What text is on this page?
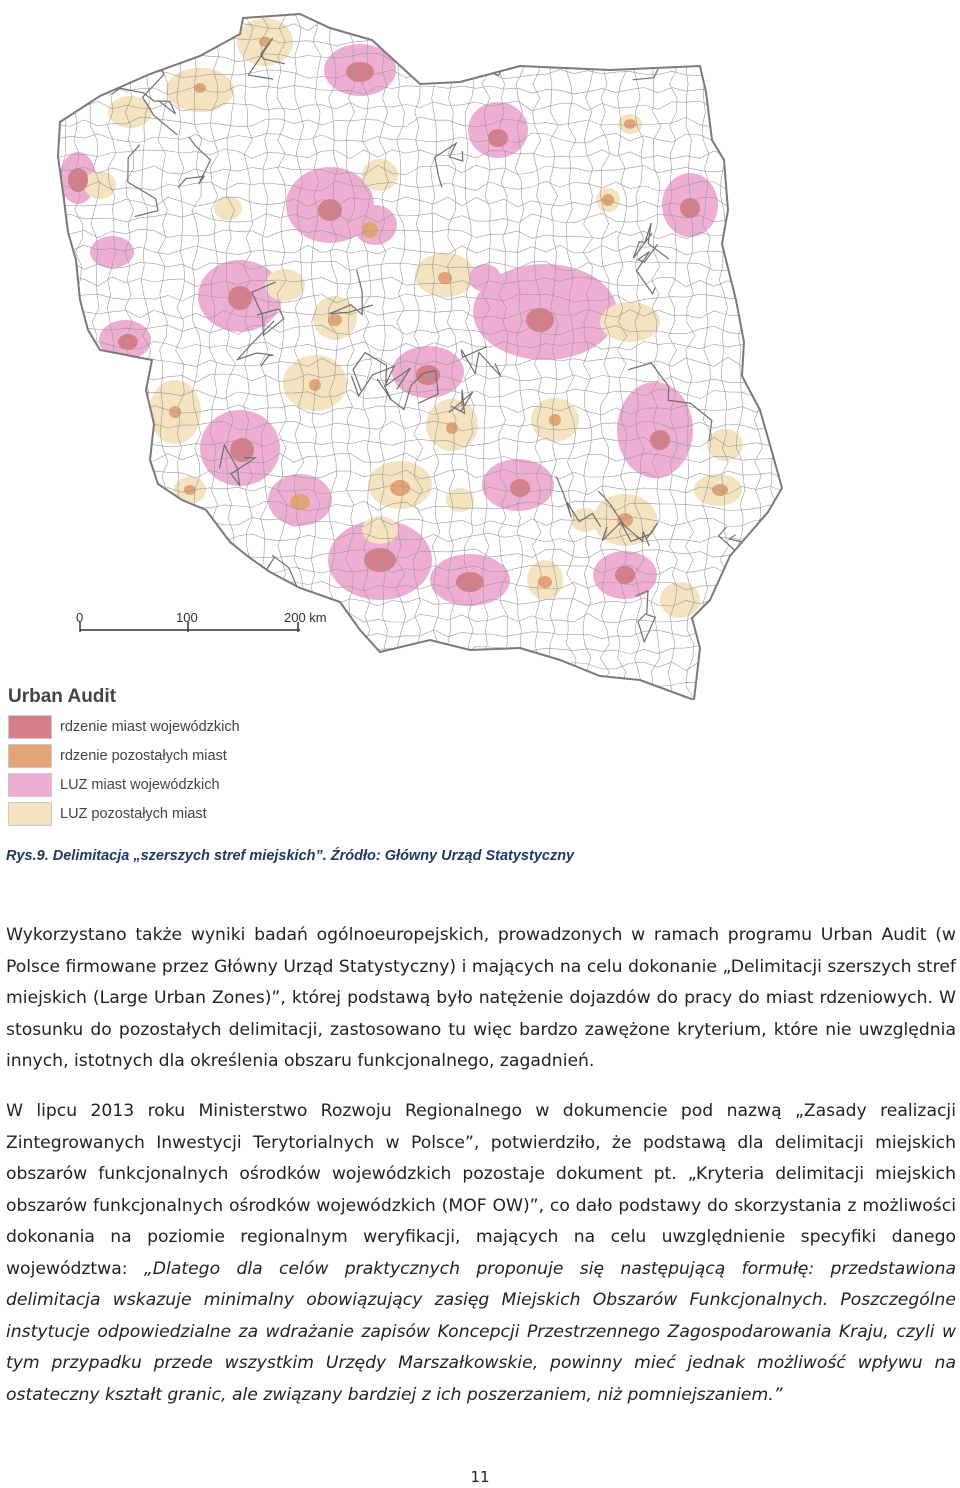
0	100	200 km
Urban Audit
rdzenie miast wojewódzkich
rdzenie pozostałych miast
LUZ miast wojewódzkich
LUZ pozostałych miast
Rys.9. Delimitacja „szerszych stref miejskich”. Źródło: Główny Urząd Statystyczny

Wykorzystano także wyniki badań ogólnoeuropejskich, prowadzonych w ramach programu Urban Audit (w Polsce firmowane przez Główny Urząd Statystyczny) i mających na celu dokonanie „Delimitacji szerszych stref miejskich (Large Urban Zones)”, której podstawą było natężenie dojazdów do pracy do miast rdzeniowych. W stosunku do pozostałych delimitacji, zastosowano tu więc bardzo zawężone kryterium, które nie uwzględnia innych, istotnych dla określenia obszaru funkcjonalnego, zagadnień.

W lipcu 2013 roku Ministerstwo Rozwoju Regionalnego w dokumencie pod nazwą „Zasady realizacji Zintegrowanych Inwestycji Terytorialnych w Polsce”, potwierdziło, że podstawą dla delimitacji miejskich obszarów funkcjonalnych ośrodków wojewódzkich pozostaje dokument pt. „Kryteria delimitacji miejskich obszarów funkcjonalnych ośrodków wojewódzkich (MOF OW)”, co dało podstawy do skorzystania z możliwości dokonania na poziomie regionalnym weryfikacji, mających na celu uwzględnienie specyfiki danego województwa: „Dlatego dla celów praktycznych proponuje się następującą formułę: przedstawiona delimitacja wskazuje minimalny obowiązujący zasięg Miejskich Obszarów Funkcjonalnych. Poszczególne instytucje odpowiedzialne za wdrażanie zapisów Koncepcji Przestrzennego Zagospodarowania Kraju, czyli w tym przypadku przede wszystkim Urzędy Marszałkowskie, powinny mieć jednak możliwość wpływu na ostateczny kształt granic, ale związany bardziej z ich poszerzaniem, niż pomniejszaniem.”

11
